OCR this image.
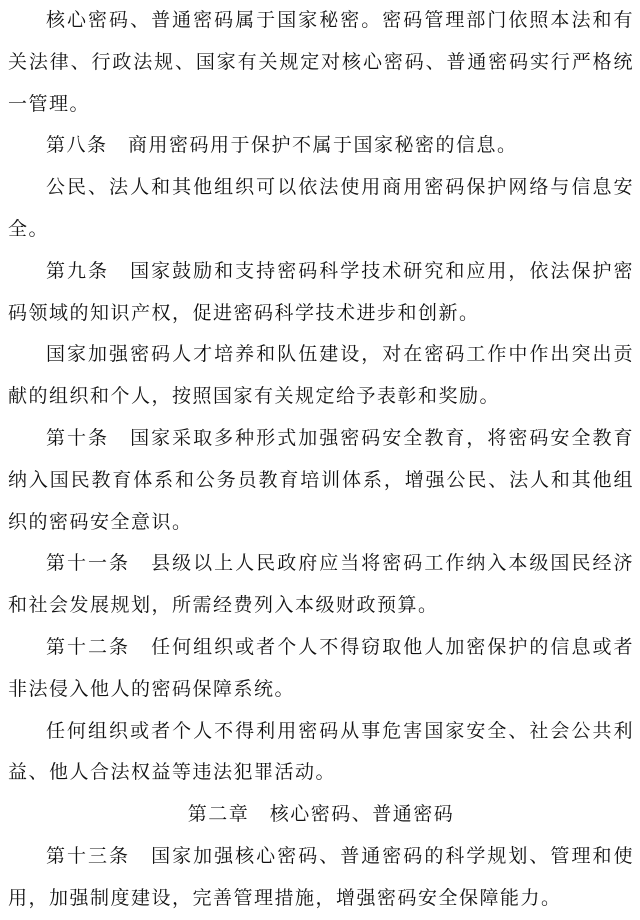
核心密码、普通密码属于国家秘密。密码管理部门依照本法和有关法律、行政法规、国家有关规定对核心密码、普通密码实行严格统一管理。

第八条　商用密码用于保护不属于国家秘密的信息。

公民、法人和其他组织可以依法使用商用密码保护网络与信息安全。

第九条　国家鼓励和支持密码科学技术研究和应用，依法保护密码领域的知识产权，促进密码科学技术进步和创新。

国家加强密码人才培养和队伍建设，对在密码工作中作出突出贡献的组织和个人，按照国家有关规定给予表彰和奖励。

第十条　国家采取多种形式加强密码安全教育，将密码安全教育纳入国民教育体系和公务员教育培训体系，增强公民、法人和其他组织的密码安全意识。

第十一条　县级以上人民政府应当将密码工作纳入本级国民经济和社会发展规划，所需经费列入本级财政预算。

第十二条　任何组织或者个人不得窃取他人加密保护的信息或者非法侵入他人的密码保障系统。

任何组织或者个人不得利用密码从事危害国家安全、社会公共利益、他人合法权益等违法犯罪活动。

第二章　核心密码、普通密码

第十三条　国家加强核心密码、普通密码的科学规划、管理和使用，加强制度建设，完善管理措施，增强密码安全保障能力。
